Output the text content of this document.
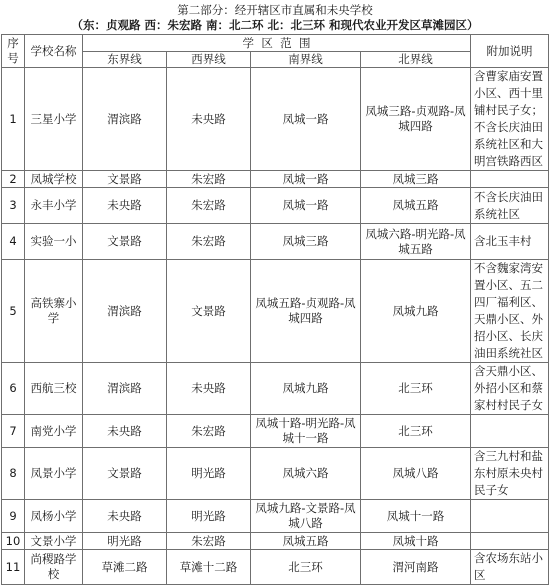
第二部分：经开辖区市直属和未央学校
（东：贞观路 西：朱宏路 南：北二环 北：北三环 和现代农业开发区草滩园区）
序号	学校名称	学  区  范  围				附加说明
		东界线	西界线	南界线	北界线	
1	三星小学	渭滨路	未央路	凤城一路	凤城三路-贞观路-凤城四路	含曹家庙安置小区、西十里铺村民子女；不含长庆油田系统社区和大明宫铁路西区
2	凤城学校	文景路	朱宏路	凤城一路	凤城三路	
3	永丰小学	未央路	朱宏路	凤城一路	凤城五路	不含长庆油田系统社区
4	实验一小	文景路	朱宏路	凤城三路	凤城六路-明光路-凤城五路	含北玉丰村
5	高铁寨小学	渭滨路	文景路	凤城五路-贞观路-凤城四路	凤城九路	不含魏家湾安置小区、五二四厂福利区、天鼎小区、外招小区、长庆油田系统社区
6	西航三校	渭滨路	未央路	凤城九路	北三环	含天鼎小区、外招小区和蔡家村村民子女
7	南党小学	未央路	朱宏路	凤城十路-明光路-凤城十一路	北三环	
8	凤景小学	文景路	明光路	凤城六路	凤城八路	含三九村和盐东村原未央村民子女
9	凤杨小学	未央路	明光路	凤城九路-文景路-凤城八路	凤城十一路	
10	文景小学	明光路	朱宏路	凤城五路	凤城十路	
11	尚稷路学校	草滩二路	草滩十二路	北三环	渭河南路	含农场东站小区
